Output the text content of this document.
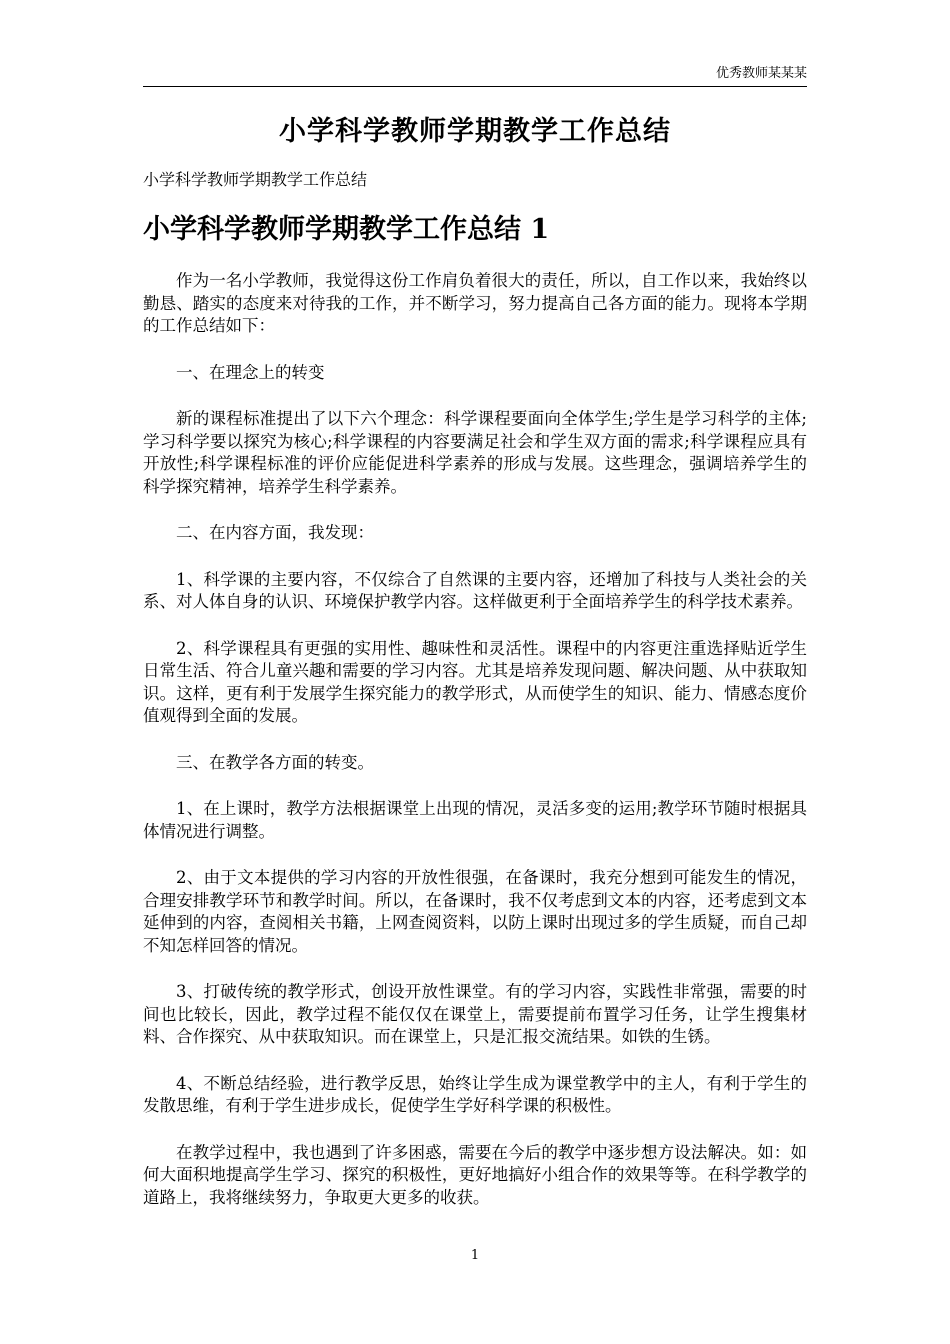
优秀教师某某某
小学科学教师学期教学工作总结

小学科学教师学期教学工作总结

小学科学教师学期教学工作总结 1

作为一名小学教师，我觉得这份工作肩负着很大的责任，所以，自工作以来，我始终以勤恳、踏实的态度来对待我的工作，并不断学习，努力提高自己各方面的能力。现将本学期的工作总结如下：

一、在理念上的转变

新的课程标准提出了以下六个理念：科学课程要面向全体学生;学生是学习科学的主体;学习科学要以探究为核心;科学课程的内容要满足社会和学生双方面的需求;科学课程应具有开放性;科学课程标准的评价应能促进科学素养的形成与发展。这些理念，强调培养学生的科学探究精神，培养学生科学素养。

二、在内容方面，我发现：

1、科学课的主要内容，不仅综合了自然课的主要内容，还增加了科技与人类社会的关系、对人体自身的认识、环境保护教学内容。这样做更利于全面培养学生的科学技术素养。

2、科学课程具有更强的实用性、趣味性和灵活性。课程中的内容更注重选择贴近学生日常生活、符合儿童兴趣和需要的学习内容。尤其是培养发现问题、解决问题、从中获取知识。这样，更有利于发展学生探究能力的教学形式，从而使学生的知识、能力、情感态度价值观得到全面的发展。

三、在教学各方面的转变。

1、在上课时，教学方法根据课堂上出现的情况，灵活多变的运用;教学环节随时根据具体情况进行调整。

2、由于文本提供的学习内容的开放性很强，在备课时，我充分想到可能发生的情况，合理安排教学环节和教学时间。所以，在备课时，我不仅考虑到文本的内容，还考虑到文本延伸到的内容，查阅相关书籍，上网查阅资料，以防上课时出现过多的学生质疑，而自己却不知怎样回答的情况。

3、打破传统的教学形式，创设开放性课堂。有的学习内容，实践性非常强，需要的时间也比较长，因此，教学过程不能仅仅在课堂上，需要提前布置学习任务，让学生搜集材料、合作探究、从中获取知识。而在课堂上，只是汇报交流结果。如铁的生锈。

4、不断总结经验，进行教学反思，始终让学生成为课堂教学中的主人，有利于学生的发散思维，有利于学生进步成长，促使学生学好科学课的积极性。

在教学过程中，我也遇到了许多困惑，需要在今后的教学中逐步想方设法解决。如：如何大面积地提高学生学习、探究的积极性，更好地搞好小组合作的效果等等。在科学教学的道路上，我将继续努力，争取更大更多的收获。

1
